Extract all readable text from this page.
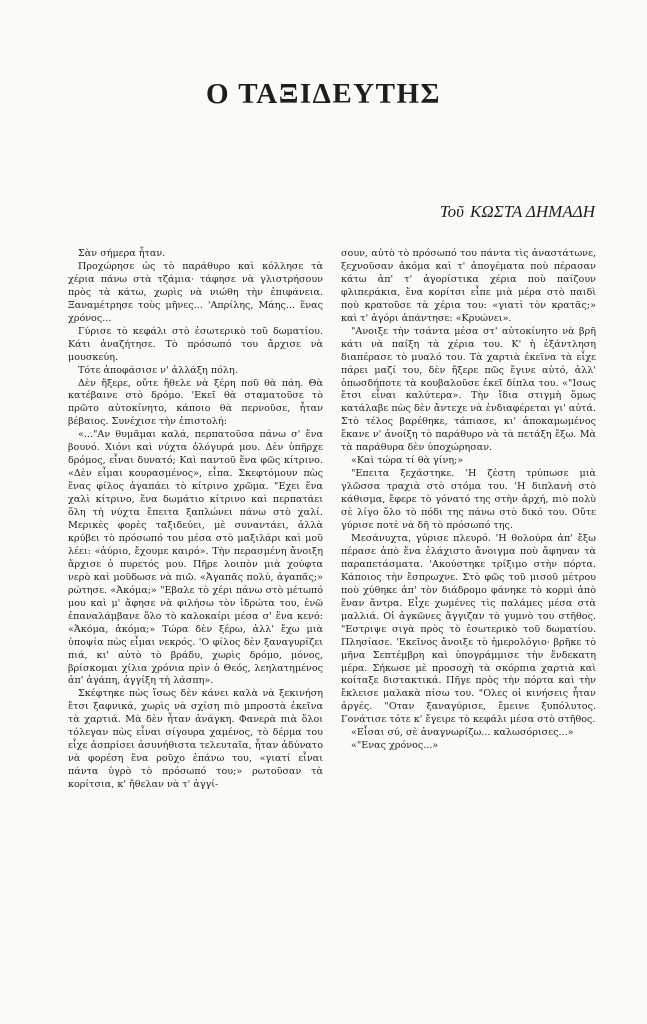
Ο ΤΑΞΙΔΕΥΤΗΣ
Τοῦ ΚΩΣΤΑ ΔΗΜΑΔΗ

Σὰν σήμερα ἦταν.

Προχώρησε ὡς τὸ παράθυρο καὶ κόλλησε τὰ χέρια πάνω στὰ τζάμια· τάφησε νὰ γλιστρήσουν πρὸς τὰ κάτω, χωρὶς νὰ νιώθη τὴν ἐπιφάνεια. Ξαναμέτρησε τοὺς μῆνες... 'Απρίλης, Μάης... ἕνας χρόνος...

Γύρισε τὸ κεφάλι στὸ ἐσωτερικὸ τοῦ δωματίου. Κάτι ἀναζήτησε. Τὸ πρόσωπό του ἄρχισε νὰ μουσκεύη.

Τότε ἀποφάσισε ν' ἀλλάξη πόλη.

Δὲν ἤξερε, οὔτε ἤθελε νὰ ξέρη ποῦ θὰ πάη. Θὰ κατέβαινε στὸ δρόμο. 'Εκεῖ θὰ σταματοῦσε τὸ πρῶτο αὐτοκίνητο, κάποιο θὰ περνοῦσε, ἦταν βέβαιος. Συνέχισε τὴν ἐπιστολή:

«..."Αν θυμᾶμαι καλά, περπατοῦσα πάνω σ' ἕνα βουνό. Χιόνι καὶ νύχτα ὁλόγυρά μου. Δὲν ὑπῆρχε δρόμος, εἶναι δυνατό; Καὶ παντοῦ ἕνα φῶς κίτρινο. «Δὲν εἶμαι κουρασμένος», εἶπα. Σκεφτόμουν πὼς ἕνας φίλος ἀγαπάει τὸ κίτρινο χρῶμα. "Εχει ἕνα χαλὶ κίτρινο, ἕνα δωμάτιο κίτρινο καὶ περπατάει ὅλη τὴ νύχτα ἔπειτα ξαπλώνει πάνω στὸ χαλί. Μερικὲς φορὲς ταξιδεύει, μὲ συναντάει, ἀλλὰ κρύβει τὸ πρόσωπό του μέσα στὸ μαξιλάρι καὶ μοῦ λέει: «ἀύριο, ἔχουμε καιρό». Τὴν περασμένη ἄνοιξη ἄρχισε ὁ πυρετός μου. Πῆρε λοιπὸν μιὰ χούφτα νερὸ καὶ μοῦδωσε νὰ πιῶ. «Ἀγαπᾶς πολύ, ἀγαπᾶς;» ρώτησε. «Ἀκόμα;» "Εβαλε τὸ χέρι πάνω στὸ μέτωπό μου καὶ μ' ἄφησε νὰ φιλήσω τὸν ἱδρώτα του, ἐνῶ ἐπαναλάμβανε ὅλο τὸ καλοκαίρι μέσα σ' ἕνα κενό: «Ἀκόμα, ἀκόμα;» Τώρα δὲν ξέρω, ἀλλ' ἔχω μιὰ ὑποψία πὼς εἶμαι νεκρός. 'Ο φίλος δὲν ξαναγυρίζει πιά, κι' αὐτὸ τὸ βράδυ, χωρὶς δρόμο, μόνος, βρίσκομαι χίλια χρόνια πρὶν ὁ Θεός, λεηλατημένος ἀπ' ἀγάπη, ἀγγίξη τὴ λάσπη».

Σκέφτηκε πὼς ἴσως δὲν κάνει καλὰ νὰ ξεκινήση ἔτσι ξαφνικά, χωρὶς νὰ σχίση πιὸ μπροστὰ ἐκεῖνα τὰ χαρτιά. Μὰ δὲν ἦταν ἀνάγκη. Φανερὰ πιὰ ὅλοι τόλεγαν πὼς εἶναι σίγουρα χαμένος, τὸ δέρμα του εἶχε ἀσπρίσει ἀσυνήθιστα τελευταῖα, ἦταν ἀδύνατο νὰ φορέση ἕνα ροῦχο ἐπάνω του, «γιατί εἶναι πάντα ὑγρὸ τὸ πρόσωπό του;» ρωτοῦσαν τὰ κορίτσια, κ' ἤθελαν νὰ τ' ἀγγί-

σουν, αὐτὸ τὸ πρόσωπό του πάντα τὶς ἀναστάτωνε, ξεχνοῦσαν ἀκόμα καὶ τ' ἀπογέματα ποὺ πέρασαν κάτω ἀπ' τ' ἀγορίστικα χέρια ποὺ παίζουν φλιπεράκια, ἕνα κορίτσι εἶπε μιὰ μέρα στὸ παιδὶ ποὺ κρατοῦσε τὰ χέρια του: «γιατὶ τὸν κρατᾶς;» καὶ τ' ἀγόρι ἀπάντησε: «Κρυώνει».

"Ανοιξε τὴν τσάντα μέσα στ' αὐτοκίνητο νὰ βρῆ κάτι νὰ παίξη τὰ χέρια του. Κ' ἡ ἐξάντληση διαπέρασε τὸ μυαλό του. Τὰ χαρτιὰ ἐκεῖνα τὰ εἶχε πάρει μαζί του, δὲν ἤξερε πῶς ἔγινε αὐτό, ἀλλ' ὁπωσδήποτε τὰ κουβαλοῦσε ἐκεῖ δίπλα του. «"Ισως ἔτσι εἶναι καλύτερα». Τὴν ἴδια στιγμὴ ὅμως κατάλαβε πὼς δὲν ἄντεχε νὰ ἐνδιαφέρεται γι' αὐτά. Στὸ τέλος βαρέθηκε, τάπιασε, κι' ἀποκαμωμένος ἔκανε ν' ἀνοίξη τὸ παράθυρο νὰ τὰ πετάξη ἔξω. Μὰ τὰ παράθυρα δὲν ὑποχώρησαν.

«Καὶ τώρα τί θὰ γίνη;»

"Επειτα ξεχάστηκε. 'Η ζέστη τρύπωσε μιὰ γλῶσσα τραχιὰ στὸ στόμα του. 'Η διπλανὴ στὸ κάθισμα, ἔφερε τὸ γόνατό της στὴν ἀρχή, πιὸ πολὺ σὲ λίγο ὅλο τὸ πόδι της πάνω στὸ δικό του. Οὔτε γύρισε ποτὲ νὰ δῆ τὸ πρόσωπό της.

Μεσάνυχτα, γύρισε πλευρό. 'Η θολούρα ἀπ' ἔξω πέρασε ἀπὸ ἕνα ἐλάχιστο ἄνοιγμα ποὺ ἄφηναν τὰ παραπετάσματα. 'Ακούστηκε τρίξιμο στὴν πόρτα. Κάποιος τὴν ἔσπρωχνε. Στὸ φῶς τοῦ μισοῦ μέτρου ποὺ χύθηκε ἀπ' τὸν διάδρομο φάνηκε τὸ κορμὶ ἀπὸ ἕναν ἄντρα. Εἶχε χωμένες τὶς παλάμες μέσα στὰ μαλλιά. Οἱ ἀγκῶνες ἄγγιζαν τὸ γυμνὸ του στῆθος. "Εστριψε σιγὰ πρὸς τὸ ἐσωτερικὸ τοῦ δωματίου. Πλησίασε. 'Εκεῖνος ἄνοιξε τὸ ἡμερολόγιο· βρῆκε τὸ μῆνα Σεπτέμβρη καὶ ὑπογράμμισε τὴν ἕνδεκατη μέρα. Σήκωσε μὲ προσοχὴ τὰ σκόρπια χαρτιὰ καὶ κοίταξε διστακτικά. Πῆγε πρὸς τὴν πόρτα καὶ τὴν ἔκλεισε μαλακὰ πίσω του. "Ολες οἱ κινήσεις ἦταν ἀργές. "Οταν ξαναγύρισε, ἔμεινε ξυπόλυτος. Γονάτισε τότε κ' ἔγειρε τὸ κεφάλι μέσα στὸ στῆθος.

«Εἶσαι σύ, σὲ ἀναγνωρίζω... καλωσόρισες...»

«"Ενας χρόνος...»
